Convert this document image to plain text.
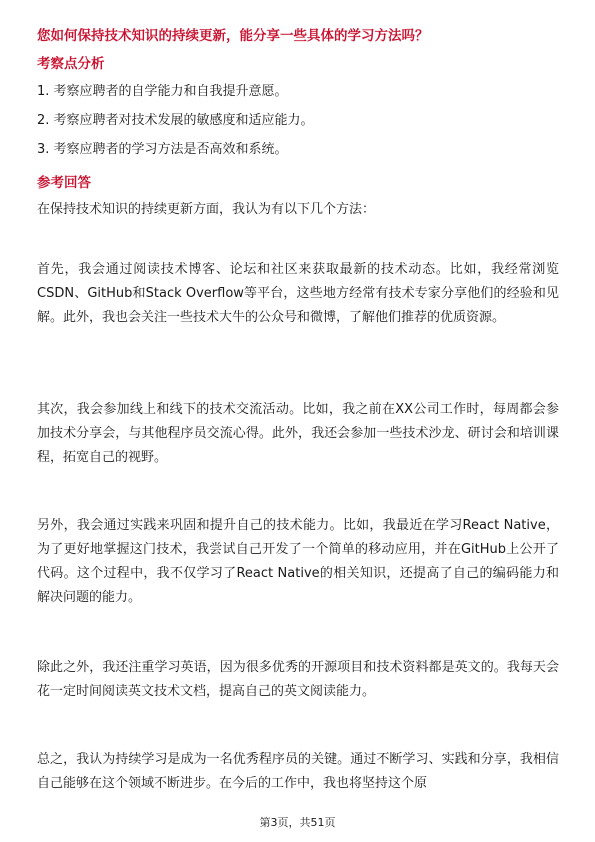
您如何保持技术知识的持续更新，能分享一些具体的学习方法吗？
考察点分析
1. 考察应聘者的自学能力和自我提升意愿。
2. 考察应聘者对技术发展的敏感度和适应能力。
3. 考察应聘者的学习方法是否高效和系统。
参考回答

在保持技术知识的持续更新方面，我认为有以下几个方法：

首先，我会通过阅读技术博客、论坛和社区来获取最新的技术动态。比如，我经常浏览CSDN、GitHub和Stack Overflow等平台，这些地方经常有技术专家分享他们的经验和见解。此外，我也会关注一些技术大牛的公众号和微博，了解他们推荐的优质资源。

其次，我会参加线上和线下的技术交流活动。比如，我之前在XX公司工作时，每周都会参加技术分享会，与其他程序员交流心得。此外，我还会参加一些技术沙龙、研讨会和培训课程，拓宽自己的视野。

另外，我会通过实践来巩固和提升自己的技术能力。比如，我最近在学习React Native，为了更好地掌握这门技术，我尝试自己开发了一个简单的移动应用，并在GitHub上公开了代码。这个过程中，我不仅学习了React Native的相关知识，还提高了自己的编码能力和解决问题的能力。

除此之外，我还注重学习英语，因为很多优秀的开源项目和技术资料都是英文的。我每天会花一定时间阅读英文技术文档，提高自己的英文阅读能力。

总之，我认为持续学习是成为一名优秀程序员的关键。通过不断学习、实践和分享，我相信自己能够在这个领域不断进步。在今后的工作中，我也将坚持这个原

第3页，共51页
